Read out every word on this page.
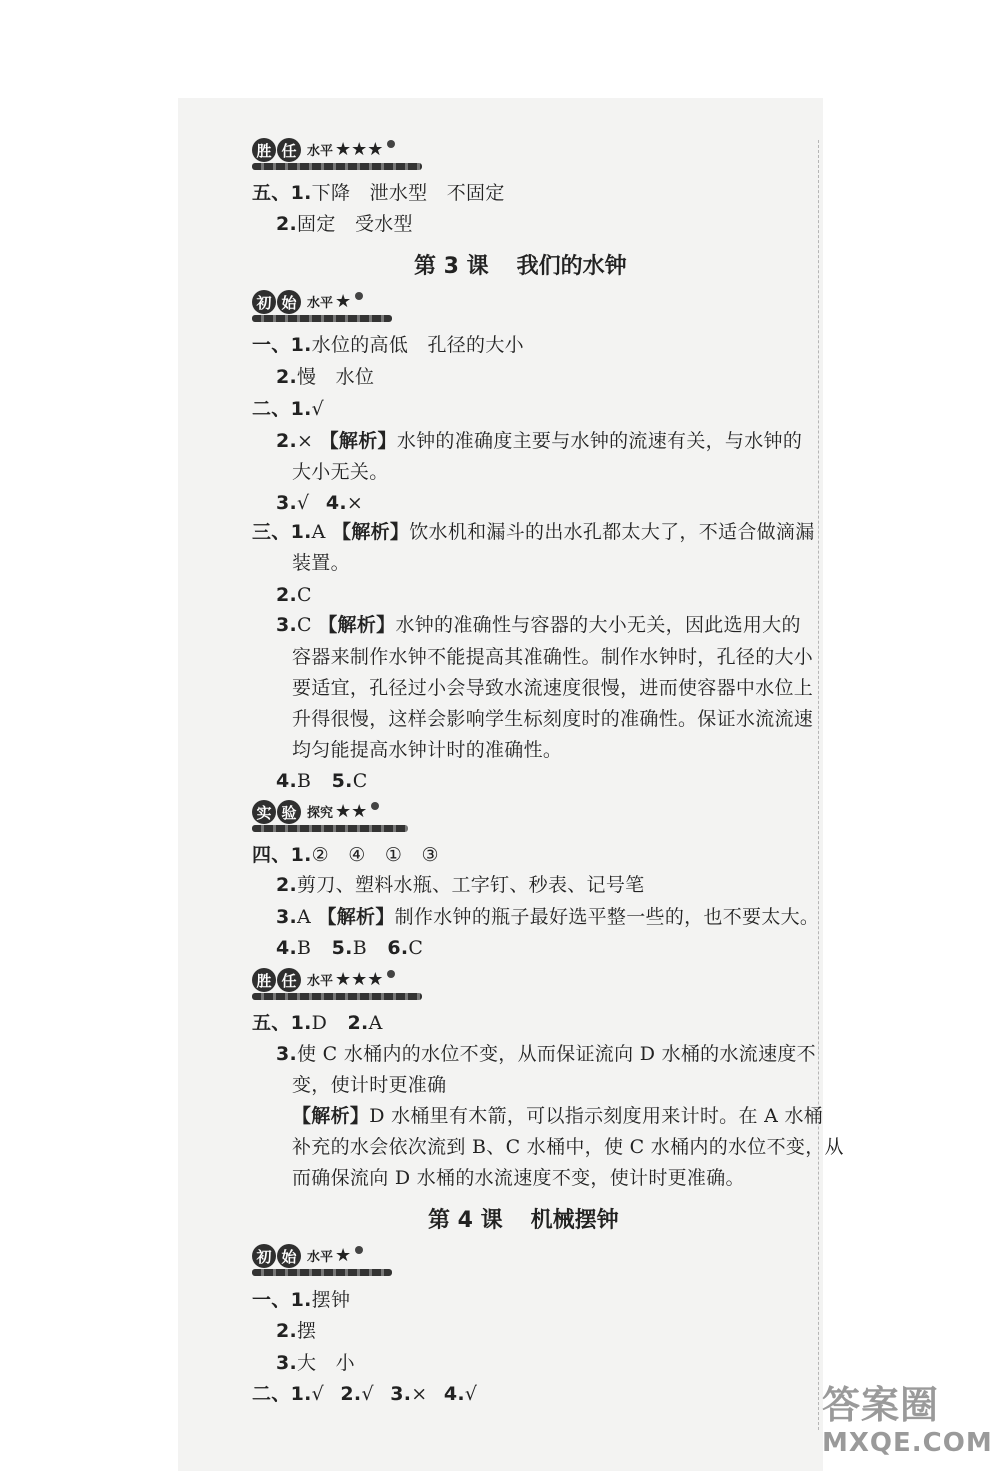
胜 任 水平 ★★★
五、1.下降　泄水型　不固定
2.固定　受水型
第 3 课 我们的水钟
初 始 水平 ★
一、1.水位的高低　孔径的大小
2.慢　水位
二、1.√
2.× 【解析】水钟的准确度主要与水钟的流速有关，与水钟的
大小无关。
3.√ 4.×
三、1.A 【解析】饮水机和漏斗的出水孔都太大了，不适合做滴漏
装置。
2.C
3.C 【解析】水钟的准确性与容器的大小无关，因此选用大的
容器来制作水钟不能提高其准确性。制作水钟时，孔径的大小
要适宜，孔径过小会导致水流速度很慢，进而使容器中水位上
升得很慢，这样会影响学生标刻度时的准确性。保证水流流速
均匀能提高水钟计时的准确性。
4.B 5.C
实 验 探究 ★★
四、1.②　④　①　③
2.剪刀、塑料水瓶、工字钉、秒表、记号笔
3.A 【解析】制作水钟的瓶子最好选平整一些的，也不要太大。
4.B 5.B 6.C
胜 任 水平 ★★★
五、1.D 2.A
3.使 C 水桶内的水位不变，从而保证流向 D 水桶的水流速度不
变，使计时更准确
【解析】D 水桶里有木箭，可以指示刻度用来计时。在 A 水桶
补充的水会依次流到 B、C 水桶中，使 C 水桶内的水位不变，从
而确保流向 D 水桶的水流速度不变，使计时更准确。
第 4 课 机械摆钟
初 始 水平 ★
一、1.摆钟
2.摆
3.大　小
二、1.√ 2.√ 3.× 4.√	答案圈
MXQE.COM
